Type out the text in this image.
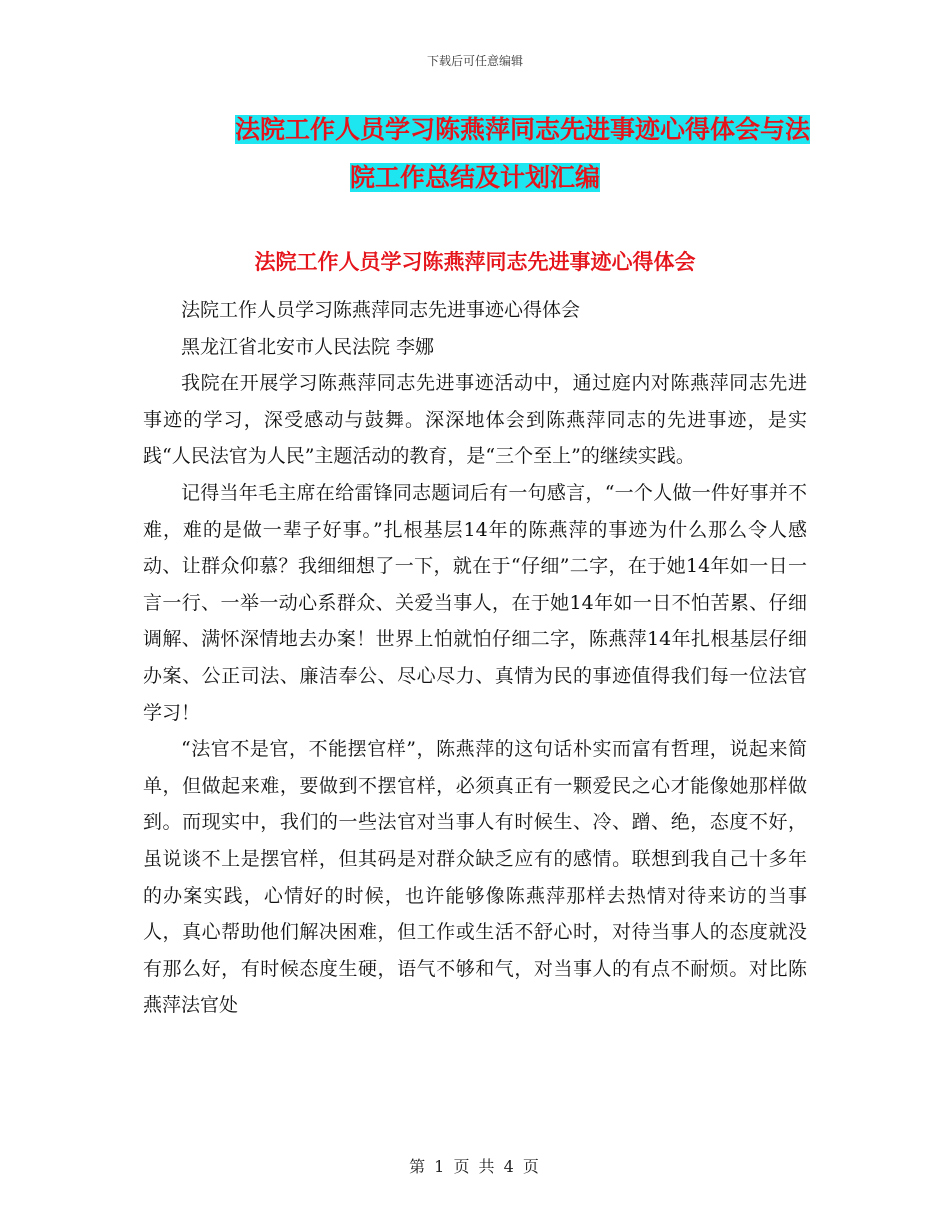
下载后可任意编辑
法院工作人员学习陈燕萍同志先进事迹心得体会与法
院工作总结及计划汇编
法院工作人员学习陈燕萍同志先进事迹心得体会

法院工作人员学习陈燕萍同志先进事迹心得体会

黑龙江省北安市人民法院 李娜

我院在开展学习陈燕萍同志先进事迹活动中，通过庭内对陈燕萍同志先进事迹的学习，深受感动与鼓舞。深深地体会到陈燕萍同志的先进事迹，是实践“人民法官为人民”主题活动的教育，是“三个至上”的继续实践。

记得当年毛主席在给雷锋同志题词后有一句感言，“一个人做一件好事并不难，难的是做一辈子好事。”扎根基层14年的陈燕萍的事迹为什么那么令人感动、让群众仰慕？我细细想了一下，就在于“仔细”二字，在于她14年如一日一言一行、一举一动心系群众、关爱当事人，在于她14年如一日不怕苦累、仔细调解、满怀深情地去办案！世界上怕就怕仔细二字，陈燕萍14年扎根基层仔细办案、公正司法、廉洁奉公、尽心尽力、真情为民的事迹值得我们每一位法官学习！

“法官不是官，不能摆官样”，陈燕萍的这句话朴实而富有哲理，说起来简单，但做起来难，要做到不摆官样，必须真正有一颗爱民之心才能像她那样做到。而现实中，我们的一些法官对当事人有时候生、冷、蹭、绝，态度不好，虽说谈不上是摆官样，但其码是对群众缺乏应有的感情。联想到我自己十多年的办案实践，心情好的时候，也许能够像陈燕萍那样去热情对待来访的当事人，真心帮助他们解决困难，但工作或生活不舒心时，对待当事人的态度就没有那么好，有时候态度生硬，语气不够和气，对当事人的有点不耐烦。对比陈燕萍法官处

第 1 页 共 4 页
